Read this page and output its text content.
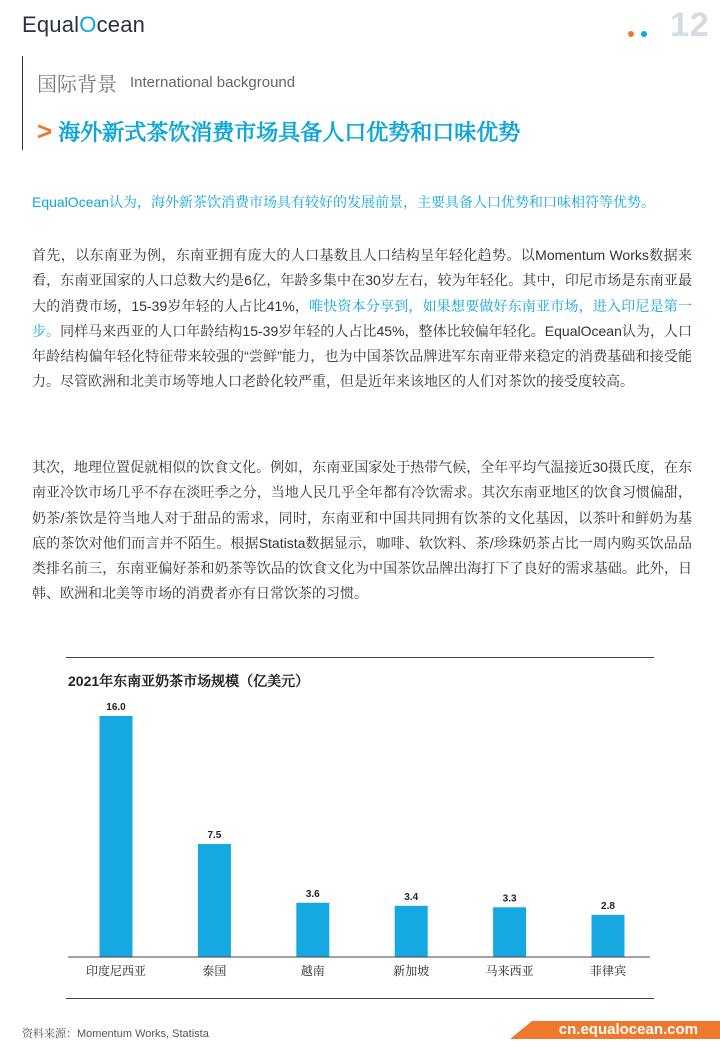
EqualOcean
	12
国际背景 International background
> 海外新式茶饮消费市场具备人口优势和口味优势

EqualOcean认为，海外新茶饮消费市场具有较好的发展前景，主要具备人口优势和口味相符等优势。

首先，以东南亚为例，东南亚拥有庞大的人口基数且人口结构呈年轻化趋势。以Momentum Works数据来看，东南亚国家的人口总数大约是6亿，年龄多集中在30岁左右，较为年轻化。其中，印尼市场是东南亚最大的消费市场，15-39岁年轻的人占比41%，唯快资本分享到，如果想要做好东南亚市场，进入印尼是第一步。同样马来西亚的人口年龄结构15-39岁年轻的人占比45%，整体比较偏年轻化。EqualOcean认为，人口年龄结构偏年轻化特征带来较强的“尝鲜”能力，也为中国茶饮品牌进军东南亚带来稳定的消费基础和接受能力。尽管欧洲和北美市场等地人口老龄化较严重，但是近年来该地区的人们对茶饮的接受度较高。

其次，地理位置促就相似的饮食文化。例如，东南亚国家处于热带气候，全年平均气温接近30摄氏度，在东南亚冷饮市场几乎不存在淡旺季之分，当地人民几乎全年都有冷饮需求。其次东南亚地区的饮食习惯偏甜，奶茶/茶饮是符当地人对于甜品的需求，同时，东南亚和中国共同拥有饮茶的文化基因，以茶叶和鲜奶为基底的茶饮对他们而言并不陌生。根据Statista数据显示，咖啡、软饮料、茶/珍珠奶茶占比一周内购买饮品品类排名前三，东南亚偏好茶和奶茶等饮品的饮食文化为中国茶饮品牌出海打下了良好的需求基础。此外，日韩、欧洲和北美等市场的消费者亦有日常饮茶的习惯。

2021年东南亚奶茶市场规模（亿美元）
16.0
印度尼西亚
7.5
泰国
3.6
越南
3.4
新加坡
3.3
马来西亚
2.8
菲律宾
资料来源：Momentum Works, Statista	cn.equalocean.com
